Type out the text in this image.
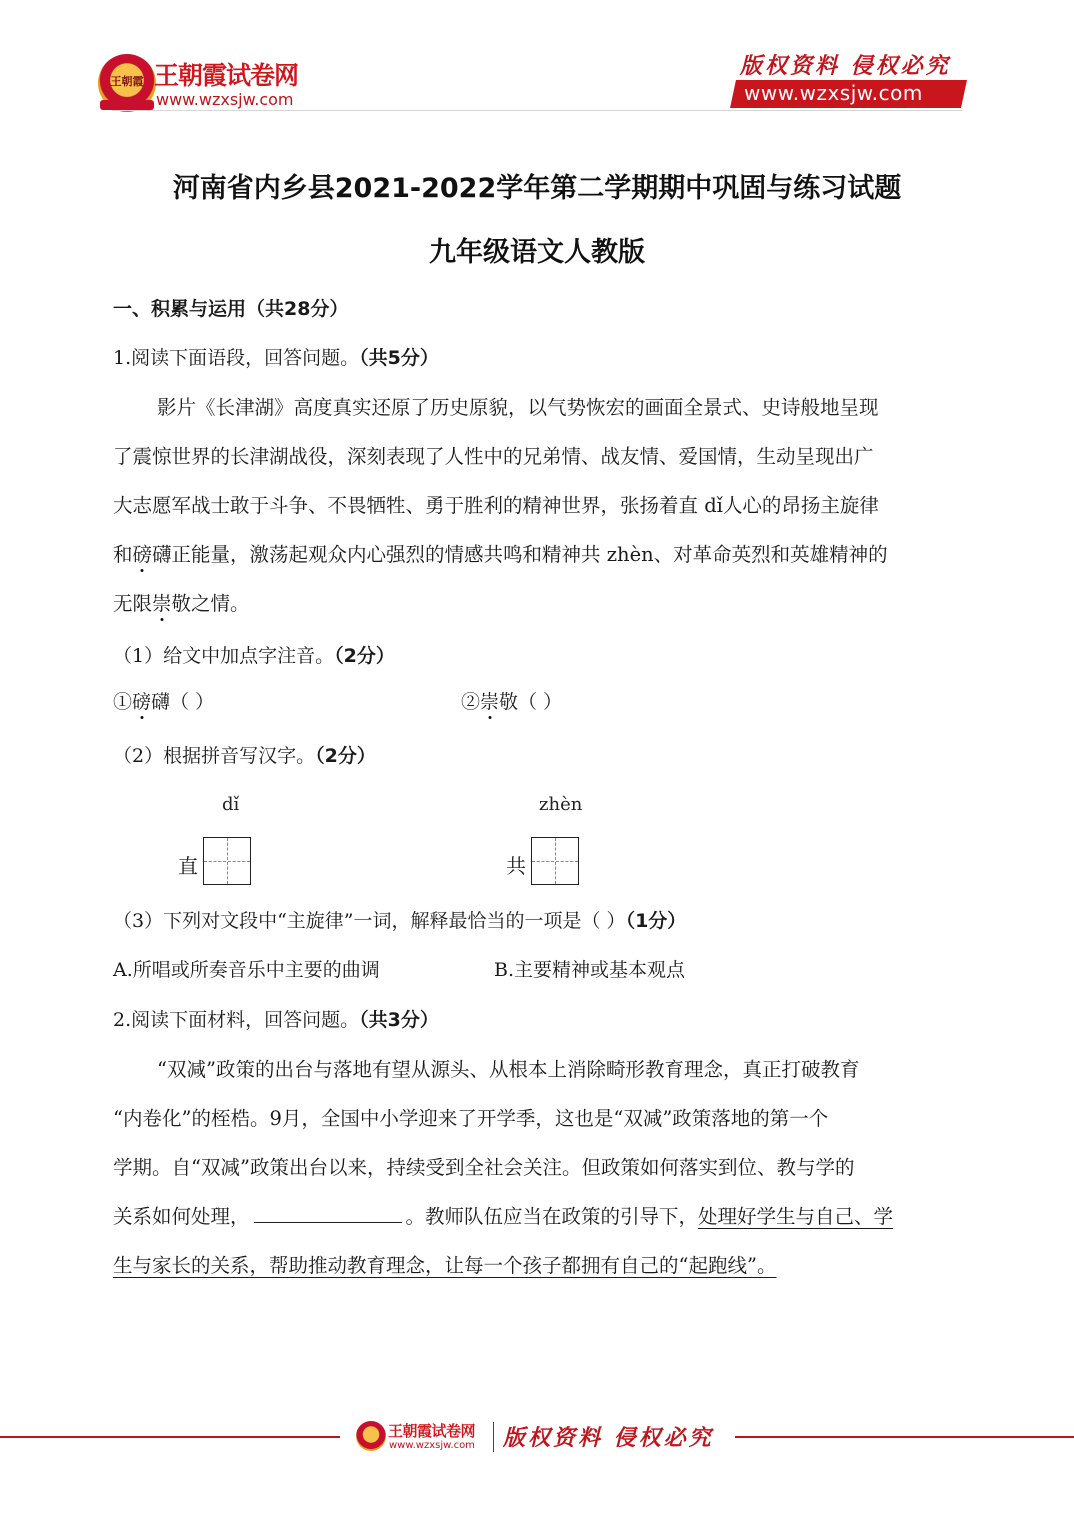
王朝霞 王朝霞试卷网
www.wzxsjw.com
版权资料 侵权必究
www.wzxsjw.com
河南省内乡县2021-2022学年第二学期期中巩固与练习试题
九年级语文人教版
一、积累与运用（共28分）
1.阅读下面语段，回答问题。（共5分）
影片《长津湖》高度真实还原了历史原貌，以气势恢宏的画面全景式、史诗般地呈现
了震惊世界的长津湖战役，深刻表现了人性中的兄弟情、战友情、爱国情，生动呈现出广
大志愿军战士敢于斗争、不畏牺牲、勇于胜利的精神世界，张扬着直 dǐ人心的昂扬主旋律
和磅礴正能量，激荡起观众内心强烈的情感共鸣和精神共 zhèn、对革命英烈和英雄精神的
无限崇敬之情。
（1）给文中加点字注音。（2分）
①磅礴（ ）	②崇敬（ ）
（2）根据拼音写汉字。（2分）
dǐ	zhèn
直	共
（3）下列对文段中“主旋律”一词，解释最恰当的一项是（ ）（1分）
A.所唱或所奏音乐中主要的曲调	B.主要精神或基本观点
2.阅读下面材料，回答问题。（共3分）
“双减”政策的出台与落地有望从源头、从根本上消除畸形教育理念，真正打破教育
“内卷化”的桎梏。9月，全国中小学迎来了开学季，这也是“双减”政策落地的第一个
学期。自“双减”政策出台以来，持续受到全社会关注。但政策如何落实到位、教与学的
关系如何处理，	。教师队伍应当在政策的引导下，处理好学生与自己、学
生与家长的关系，帮助推动教育理念，让每一个孩子都拥有自己的“起跑线”。
王朝霞试卷网
www.wzxsjw.com 版权资料 侵权必究
